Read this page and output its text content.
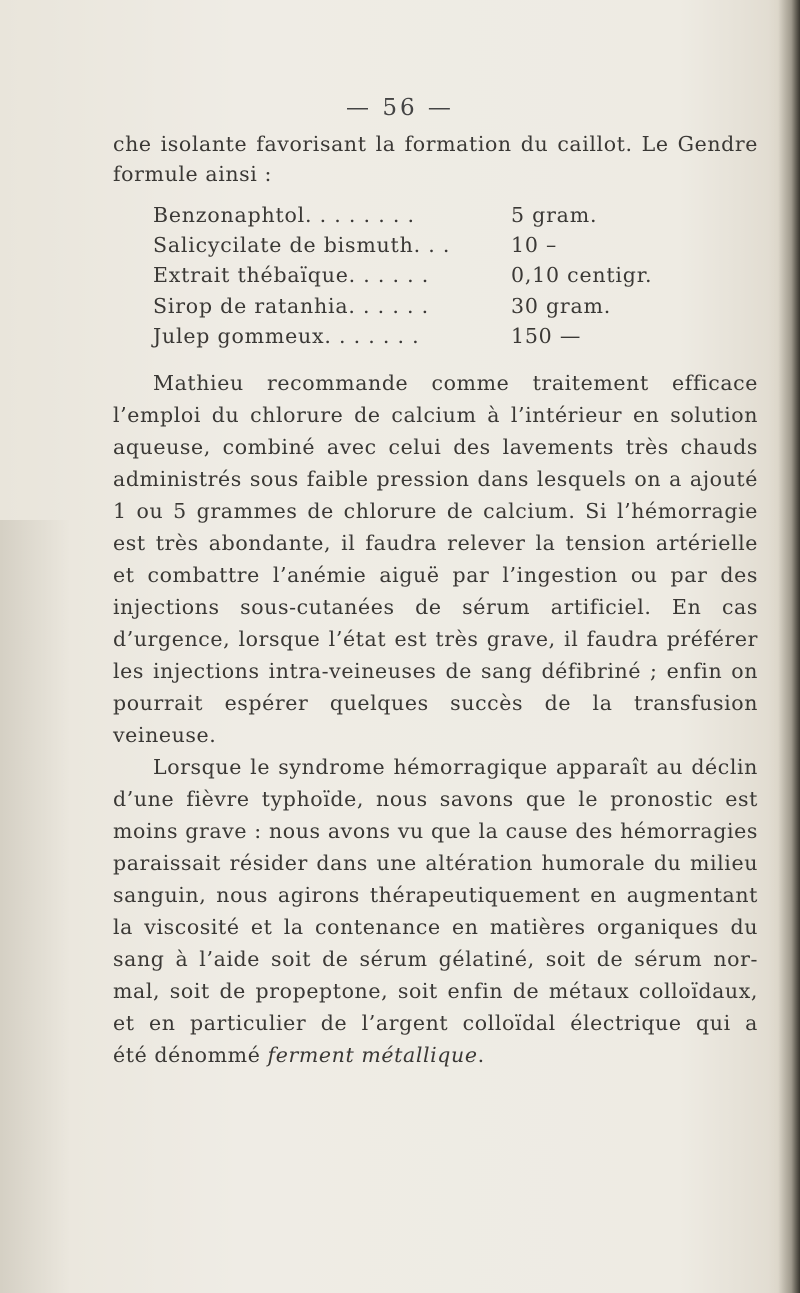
— 56 —
che isolante favorisant la formation du caillot. Le Gendre
formule ainsi :
Benzonaphtol. . . . . . . .	5 gram.
Salicycilate de bismuth. . .	10 –
Extrait thébaïque. . . . . .	0,10 centigr.
Sirop de ratanhia. . . . . .	30 gram.
Julep gommeux. . . . . . .	150 —
Mathieu recommande comme traitement efficace
l’emploi du chlorure de calcium à l’intérieur en solution
aqueuse, combiné avec celui des lavements très chauds
administrés sous faible pression dans lesquels on a ajouté
1 ou 5 grammes de chlorure de calcium. Si l’hémorragie
est très abondante, il faudra relever la tension artérielle
et combattre l’anémie aiguë par l’ingestion ou par des
injections sous-cutanées de sérum artificiel. En cas
d’urgence, lorsque l’état est très grave, il faudra préférer
les injections intra-veineuses de sang défibriné ; enfin on
pourrait espérer quelques succès de la transfusion
veineuse.
Lorsque le syndrome hémorragique apparaît au déclin
d’une fièvre typhoïde, nous savons que le pronostic est
moins grave : nous avons vu que la cause des hémorragies
paraissait résider dans une altération humorale du milieu
sanguin, nous agirons thérapeutiquement en augmentant
la viscosité et la contenance en matières organiques du
sang à l’aide soit de sérum gélatiné, soit de sérum nor-
mal, soit de propeptone, soit enfin de métaux colloïdaux,
et en particulier de l’argent colloïdal électrique qui a
été dénommé ferment métallique.
